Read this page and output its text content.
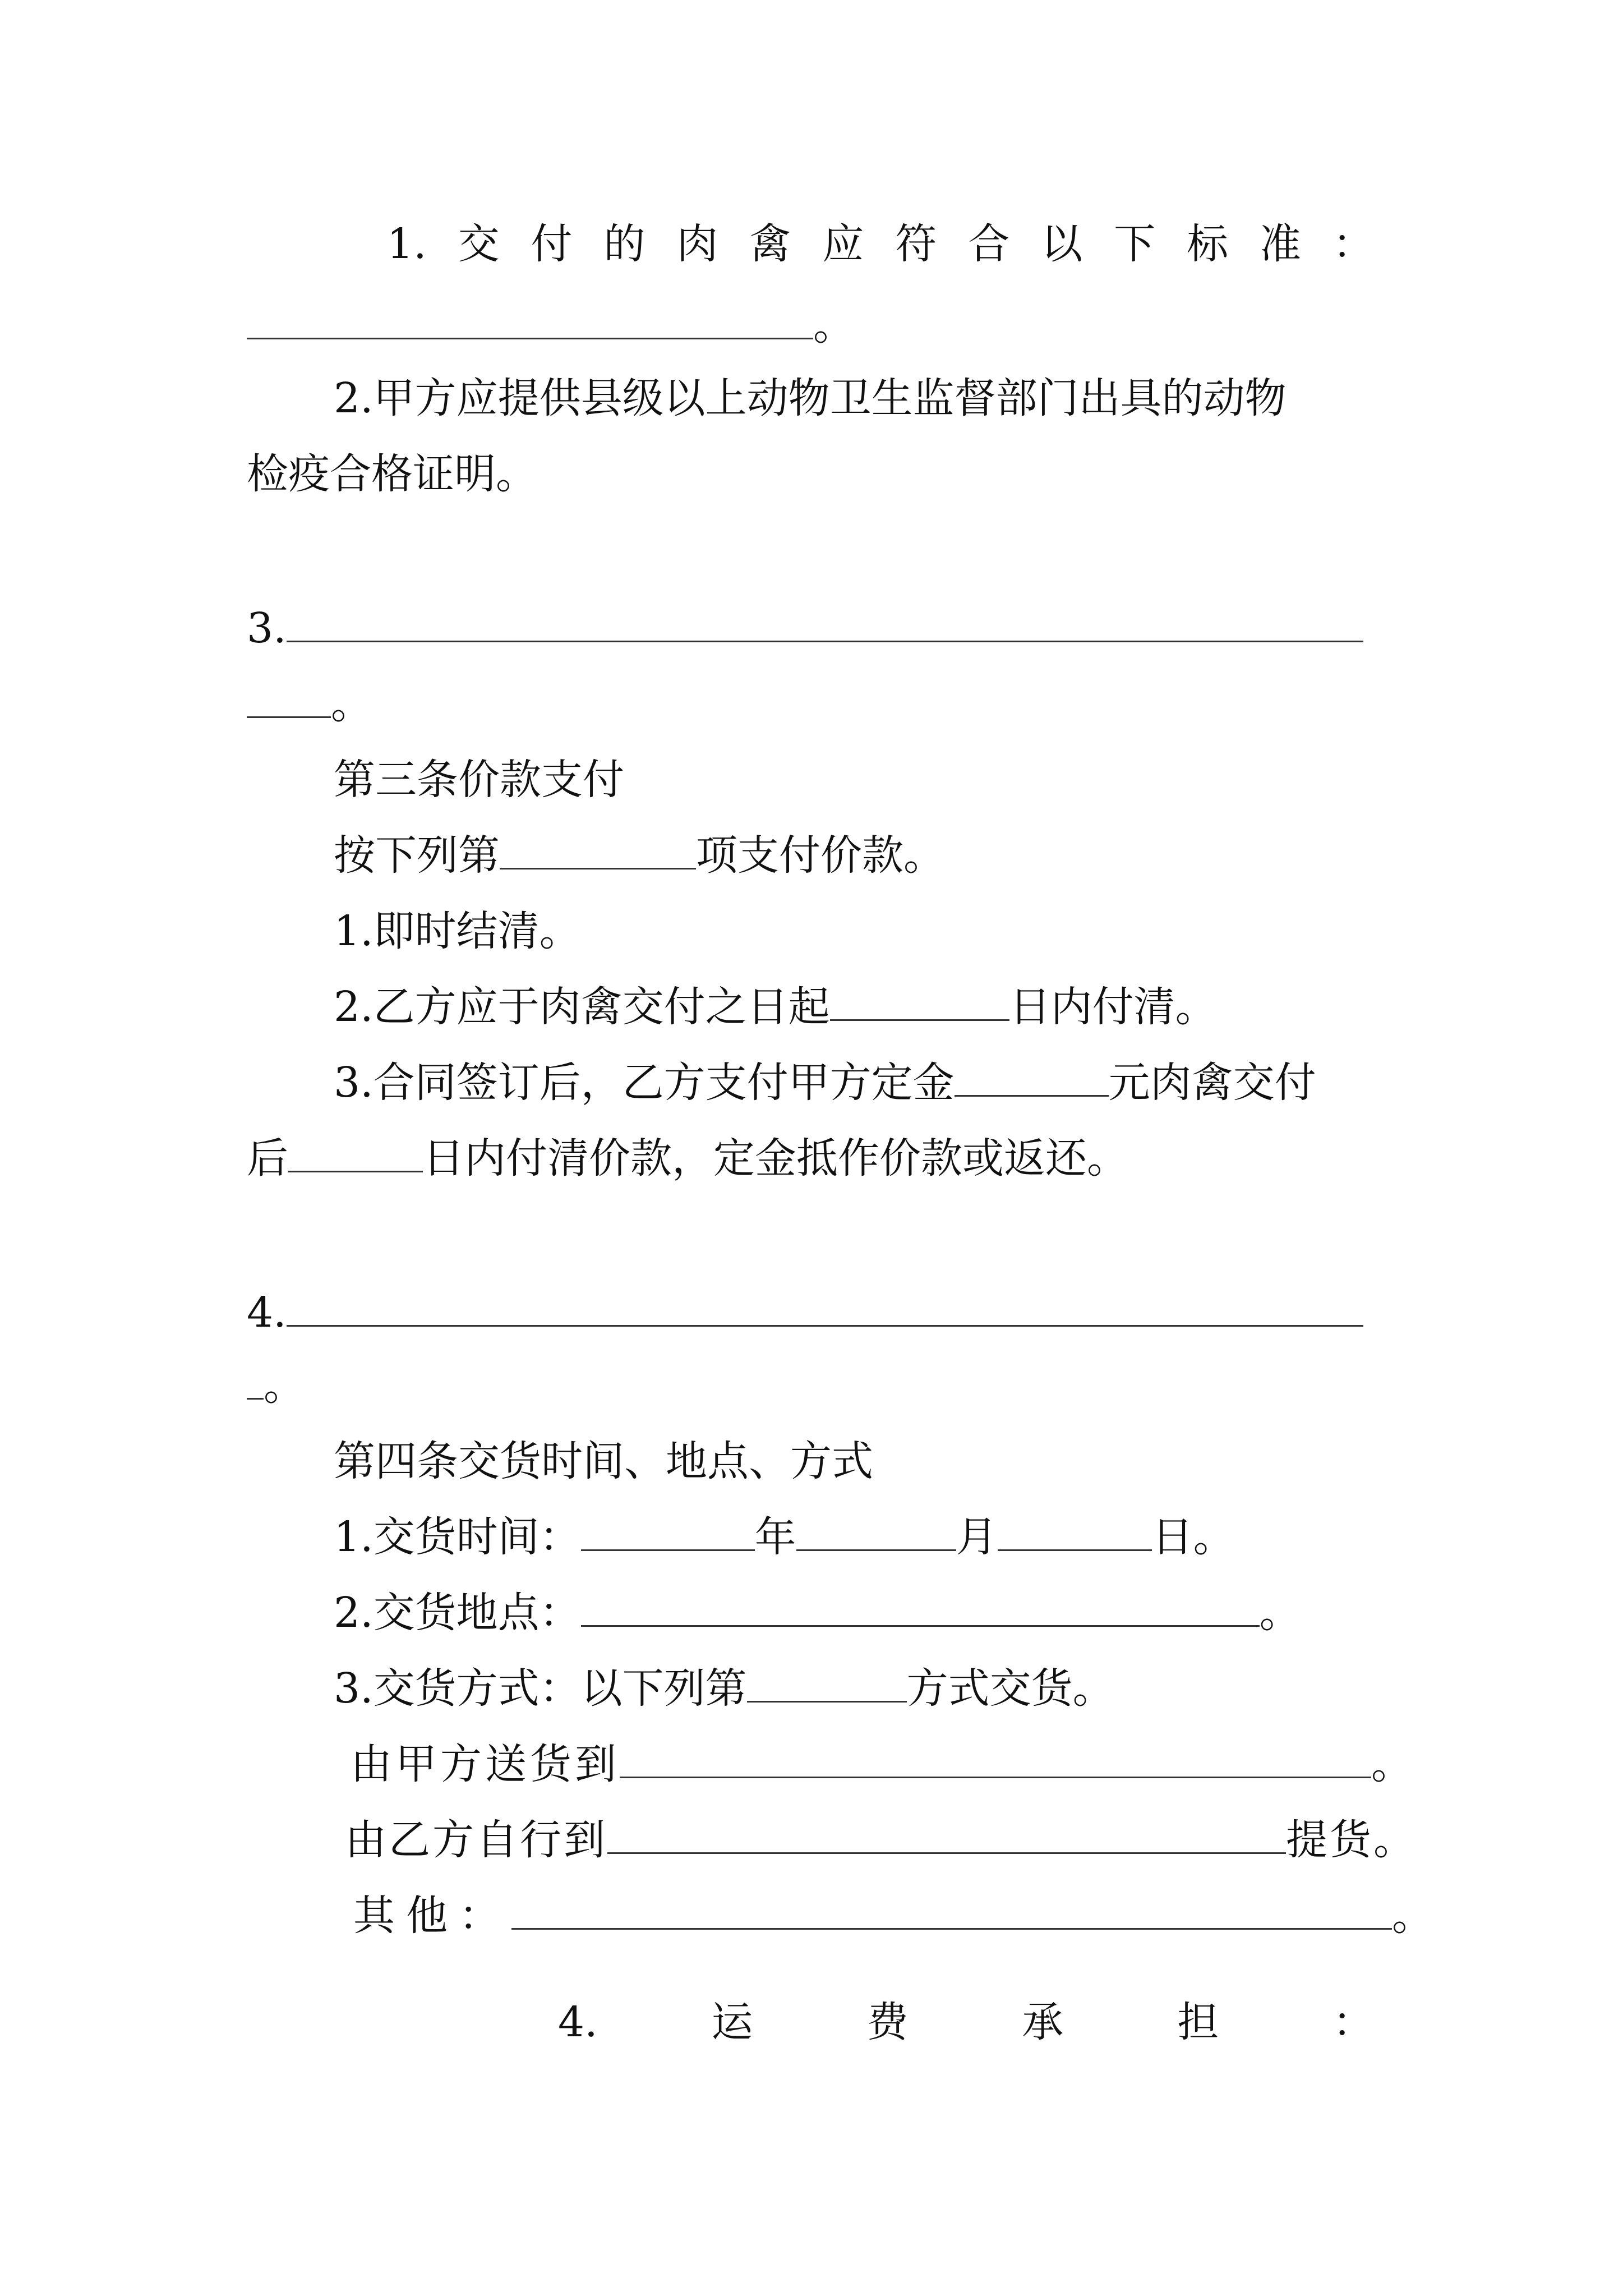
1. 交 付 的 肉 禽 应 符 合 以 下 标 准 ：
。
2.甲方应提供县级以上动物卫生监督部门出具的动物
检疫合格证明。
3.
。
第三条价款支付
按下列第	项支付价款。
1.即时结清。
2.乙方应于肉禽交付之日起	日内付清。
3.合同签订后，乙方支付甲方定金	元肉禽交付
后	日内付清价款，定金抵作价款或返还。
4.
。
第四条交货时间、地点、方式
1.交货时间：	年	月	日。
2.交货地点：	。
3.交货方式：以下列第	方式交货。
由甲方送货到	。
由乙方自行到	提货。
其他：	。
4.	运	费	承	担	：
